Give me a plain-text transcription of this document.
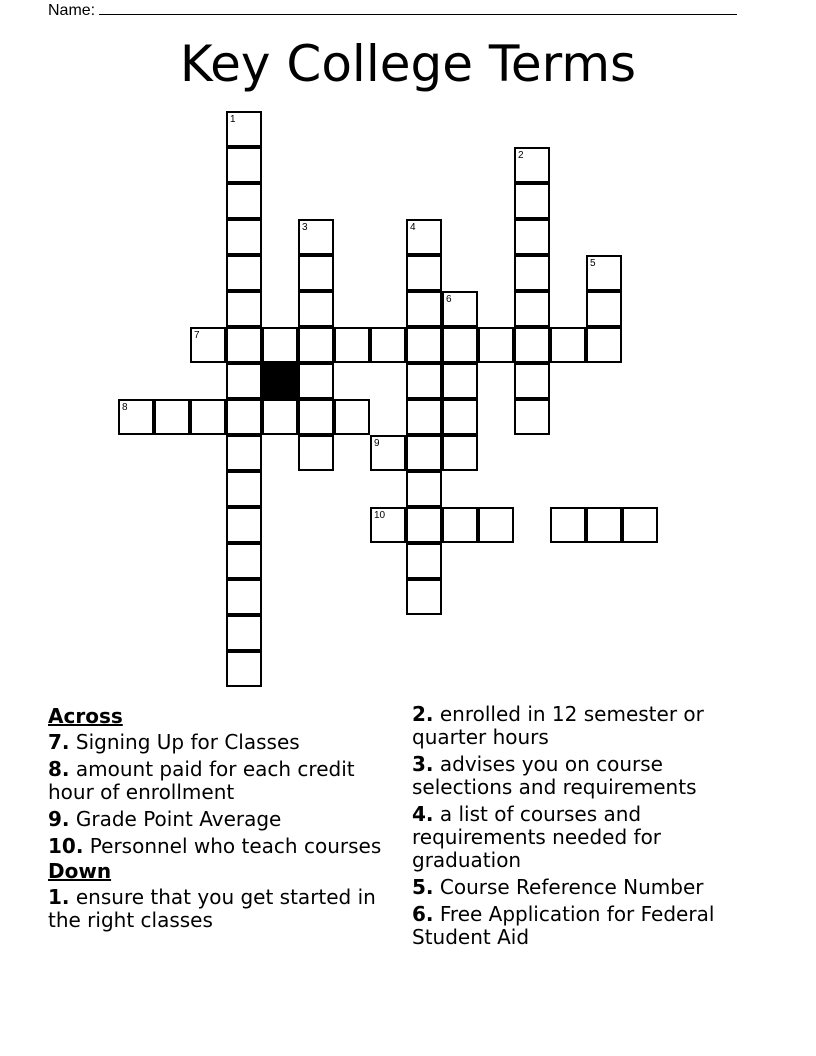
Name:
Key College Terms
1
3	4
6
2
5
7
8
9
10
Across
7. Signing Up for Classes
8. amount paid for each credit hour of enrollment
9. Grade Point Average
10. Personnel who teach courses
Down
1. ensure that you get started in the right classes
2. enrolled in 12 semester or quarter hours
3. advises you on course selections and requirements
4. a list of courses and requirements needed for graduation
5. Course Reference Number
6. Free Application for Federal Student Aid
